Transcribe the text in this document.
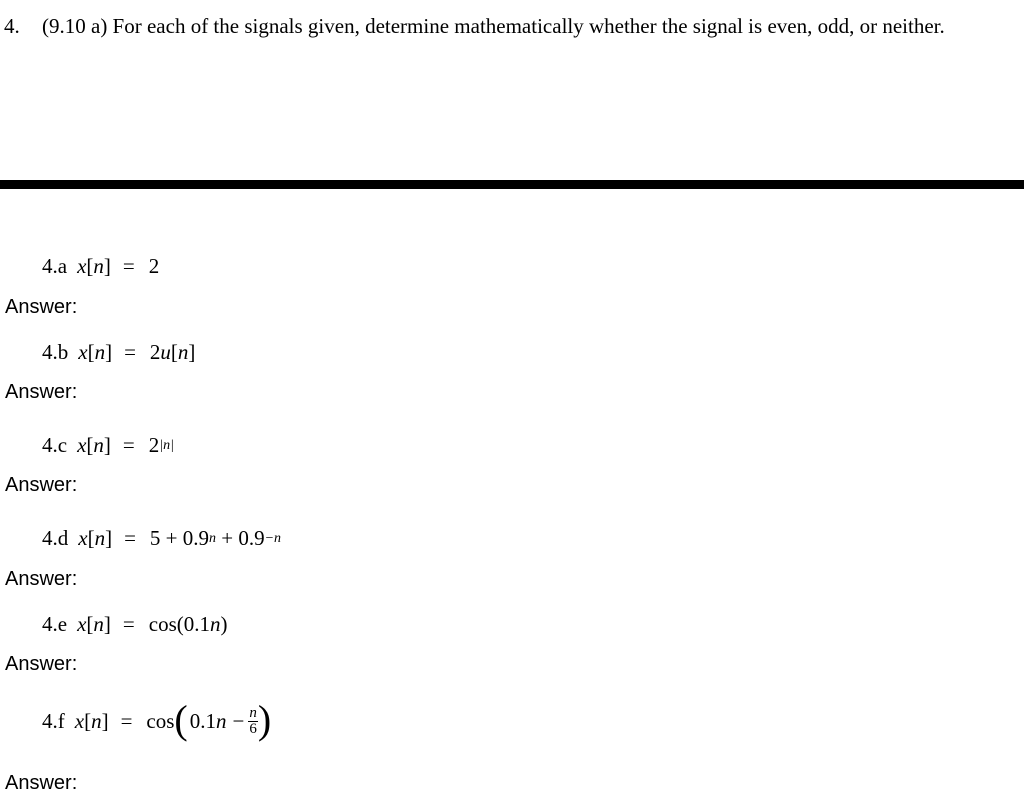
4. (9.10 a) For each of the signals given, determine mathematically whether the signal is even, odd, or neither.
4.a x [ n ] = 2
Answer:
4.b x [ n ] = 2 u [ n ]
Answer:
4.c x [ n ] = 2 |n|
Answer:
4.d x [ n ] = 5 + 0.9 n + 0.9 −n
Answer:
4.e x [ n ] = cos ( 0.1 n )
Answer:
4.f x [ n ] = cos ( 0.1 $n - \frac{n}{6}$ )
Answer:
